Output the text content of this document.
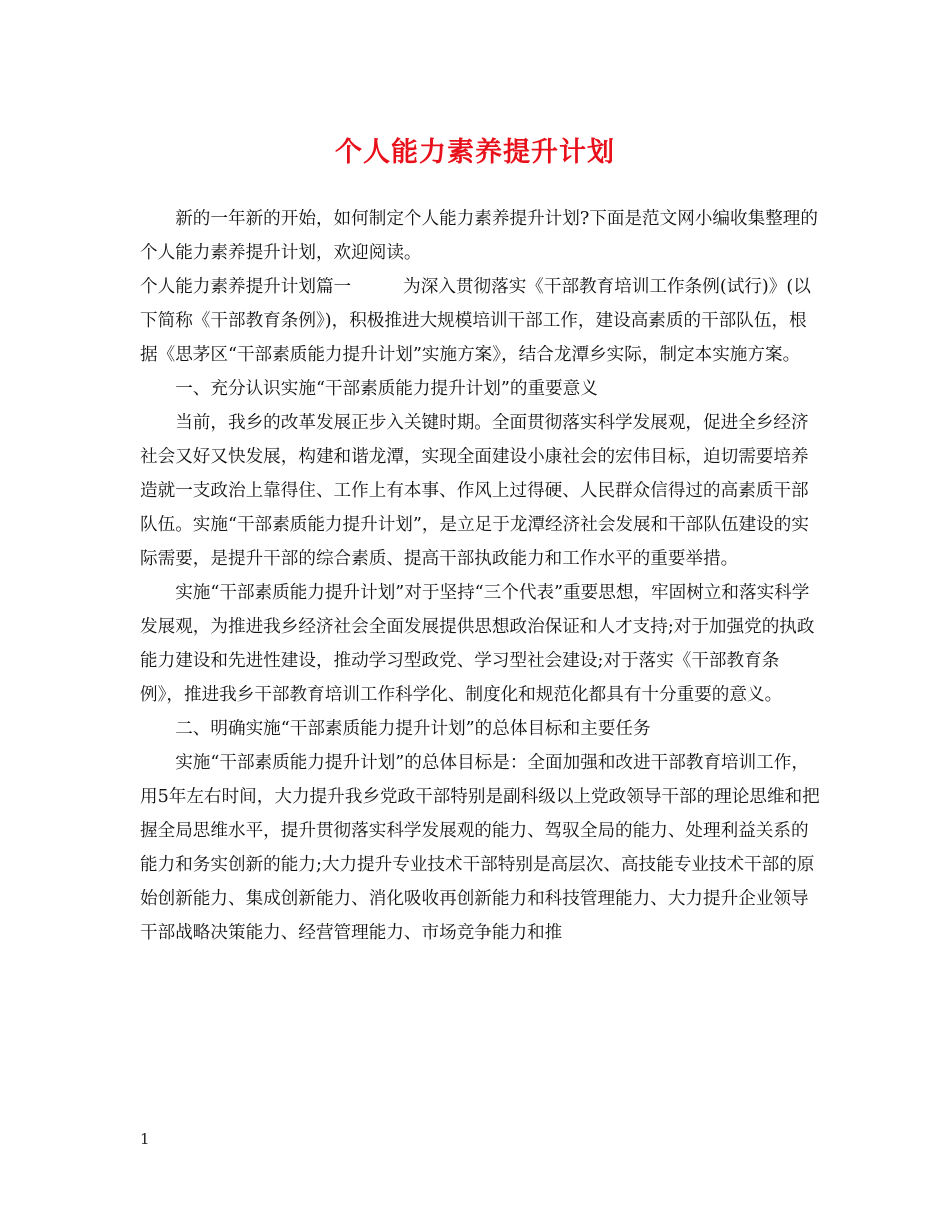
个人能力素养提升计划

新的一年新的开始，如何制定个人能力素养提升计划?下面是范文网小编收集整理的个人能力素养提升计划，欢迎阅读。

个人能力素养提升计划篇一	为深入贯彻落实《干部教育培训工作条例(试行)》(以下简称《干部教育条例》)，积极推进大规模培训干部工作，建设高素质的干部队伍，根据《思茅区“干部素质能力提升计划”实施方案》，结合龙潭乡实际，制定本实施方案。

一、充分认识实施“干部素质能力提升计划”的重要意义

当前，我乡的改革发展正步入关键时期。全面贯彻落实科学发展观，促进全乡经济社会又好又快发展，构建和谐龙潭，实现全面建设小康社会的宏伟目标，迫切需要培养造就一支政治上靠得住、工作上有本事、作风上过得硬、人民群众信得过的高素质干部队伍。实施“干部素质能力提升计划”，是立足于龙潭经济社会发展和干部队伍建设的实际需要，是提升干部的综合素质、提高干部执政能力和工作水平的重要举措。

实施“干部素质能力提升计划”对于坚持“三个代表”重要思想，牢固树立和落实科学发展观，为推进我乡经济社会全面发展提供思想政治保证和人才支持;对于加强党的执政能力建设和先进性建设，推动学习型政党、学习型社会建设;对于落实《干部教育条例》，推进我乡干部教育培训工作科学化、制度化和规范化都具有十分重要的意义。

二、明确实施“干部素质能力提升计划”的总体目标和主要任务

实施“干部素质能力提升计划”的总体目标是：全面加强和改进干部教育培训工作，用5年左右时间，大力提升我乡党政干部特别是副科级以上党政领导干部的理论思维和把握全局思维水平，提升贯彻落实科学发展观的能力、驾驭全局的能力、处理利益关系的能力和务实创新的能力;大力提升专业技术干部特别是高层次、高技能专业技术干部的原始创新能力、集成创新能力、消化吸收再创新能力和科技管理能力、大力提升企业领导干部战略决策能力、经营管理能力、市场竞争能力和推

1
